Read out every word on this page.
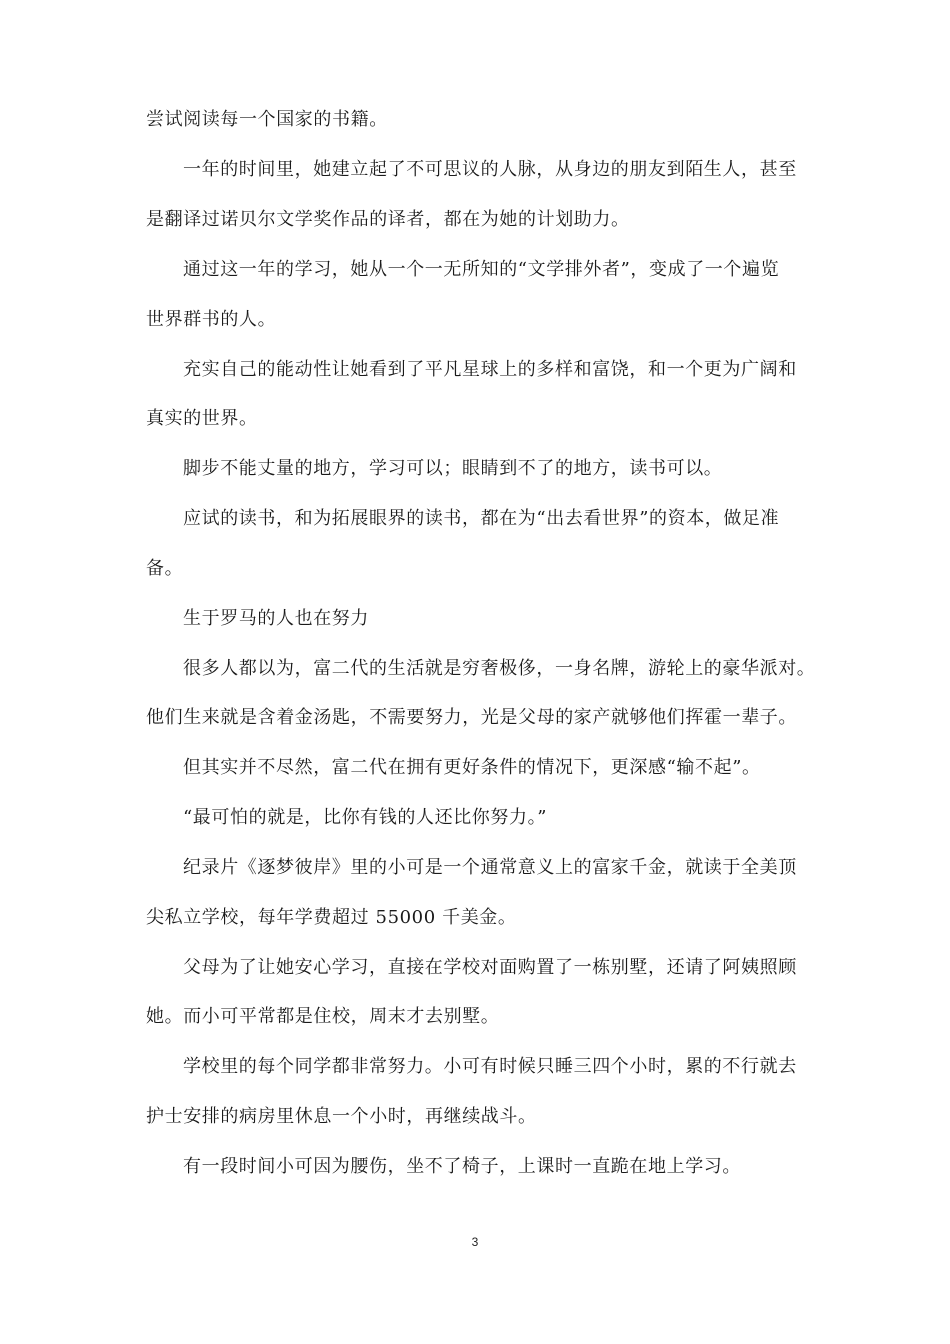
尝试阅读每一个国家的书籍。
一年的时间里，她建立起了不可思议的人脉，从身边的朋友到陌生人，甚至
是翻译过诺贝尔文学奖作品的译者，都在为她的计划助力。
通过这一年的学习，她从一个一无所知的“文学排外者”，变成了一个遍览
世界群书的人。
充实自己的能动性让她看到了平凡星球上的多样和富饶，和一个更为广阔和
真实的世界。
脚步不能丈量的地方，学习可以；眼睛到不了的地方，读书可以。
应试的读书，和为拓展眼界的读书，都在为“出去看世界”的资本，做足准
备。
生于罗马的人也在努力
很多人都以为，富二代的生活就是穷奢极侈，一身名牌，游轮上的豪华派对。
他们生来就是含着金汤匙，不需要努力，光是父母的家产就够他们挥霍一辈子。
但其实并不尽然，富二代在拥有更好条件的情况下，更深感“输不起”。
“最可怕的就是，比你有钱的人还比你努力。”
纪录片《逐梦彼岸》里的小可是一个通常意义上的富家千金，就读于全美顶
尖私立学校，每年学费超过 55000 千美金。
父母为了让她安心学习，直接在学校对面购置了一栋别墅，还请了阿姨照顾
她。而小可平常都是住校，周末才去别墅。
学校里的每个同学都非常努力。小可有时候只睡三四个小时，累的不行就去
护士安排的病房里休息一个小时，再继续战斗。
有一段时间小可因为腰伤，坐不了椅子，上课时一直跪在地上学习。
3
